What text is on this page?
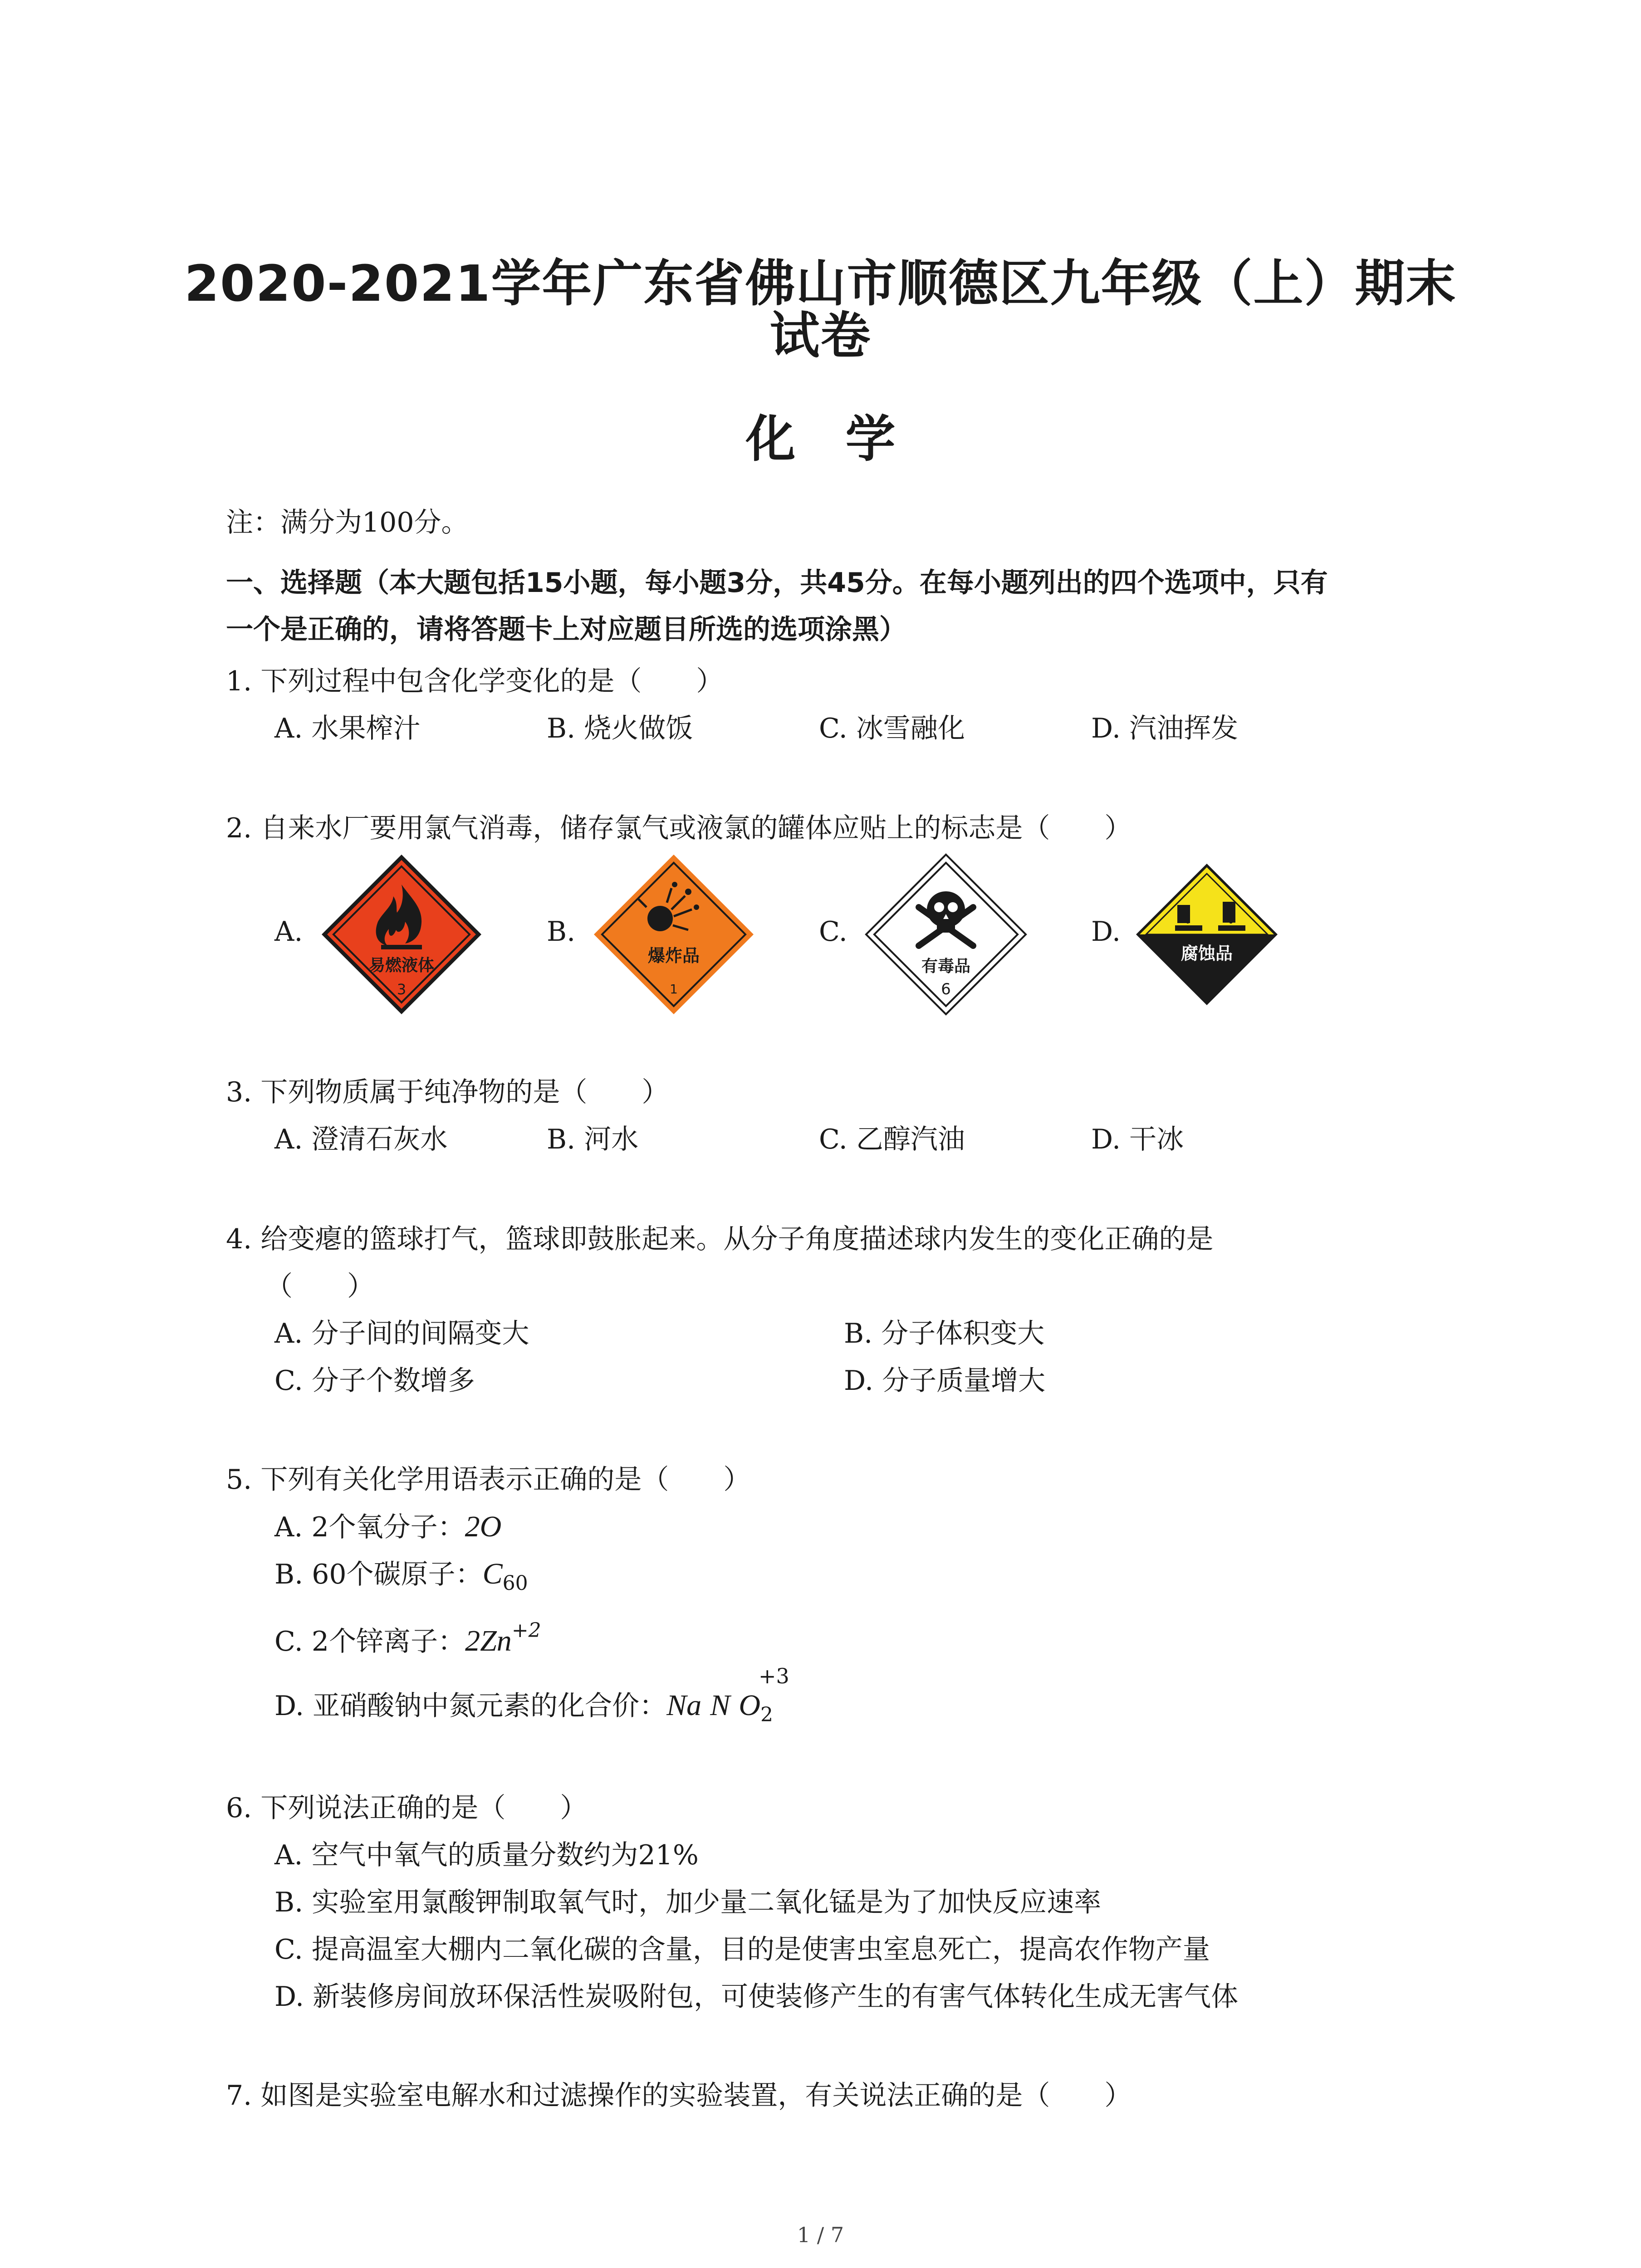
2020-2021学年广东省佛山市顺德区九年级（上）期末
试卷
化 学
注：满分为100分。
一、选择题（本大题包括15小题，每小题3分，共45分。在每小题列出的四个选项中，只有
一个是正确的，请将答题卡上对应题目所选的选项涂黑）
1. 下列过程中包含化学变化的是（　　）
A. 水果榨汁	B. 烧火做饭	C. 冰雪融化	D. 汽油挥发
2. 自来水厂要用氯气消毒，储存氯气或液氯的罐体应贴上的标志是（　　）
A.	B.	C.	D.
易燃液体
3
爆炸品
1
有毒品
6
腐蚀品
3. 下列物质属于纯净物的是（　　）
A. 澄清石灰水	B. 河水	C. 乙醇汽油	D. 干冰
4. 给变瘪的篮球打气，篮球即鼓胀起来。从分子角度描述球内发生的变化正确的是
（　　）
A. 分子间的间隔变大	B. 分子体积变大
C. 分子个数增多	D. 分子质量增大
5. 下列有关化学用语表示正确的是（　　）
A. 2个氧分子：2O
B. 60个碳原子：$C_{60}$
C. 2个锌离子：$2Zn^{+2}$
+3
D. 亚硝酸钠中氮元素的化合价：Na N $O_2$
6. 下列说法正确的是（　　）
A. 空气中氧气的质量分数约为21%
B. 实验室用氯酸钾制取氧气时，加少量二氧化锰是为了加快反应速率
C. 提高温室大棚内二氧化碳的含量，目的是使害虫室息死亡，提高农作物产量
D. 新装修房间放环保活性炭吸附包，可使装修产生的有害气体转化生成无害气体
7. 如图是实验室电解水和过滤操作的实验装置，有关说法正确的是（　　）
1 / 7
